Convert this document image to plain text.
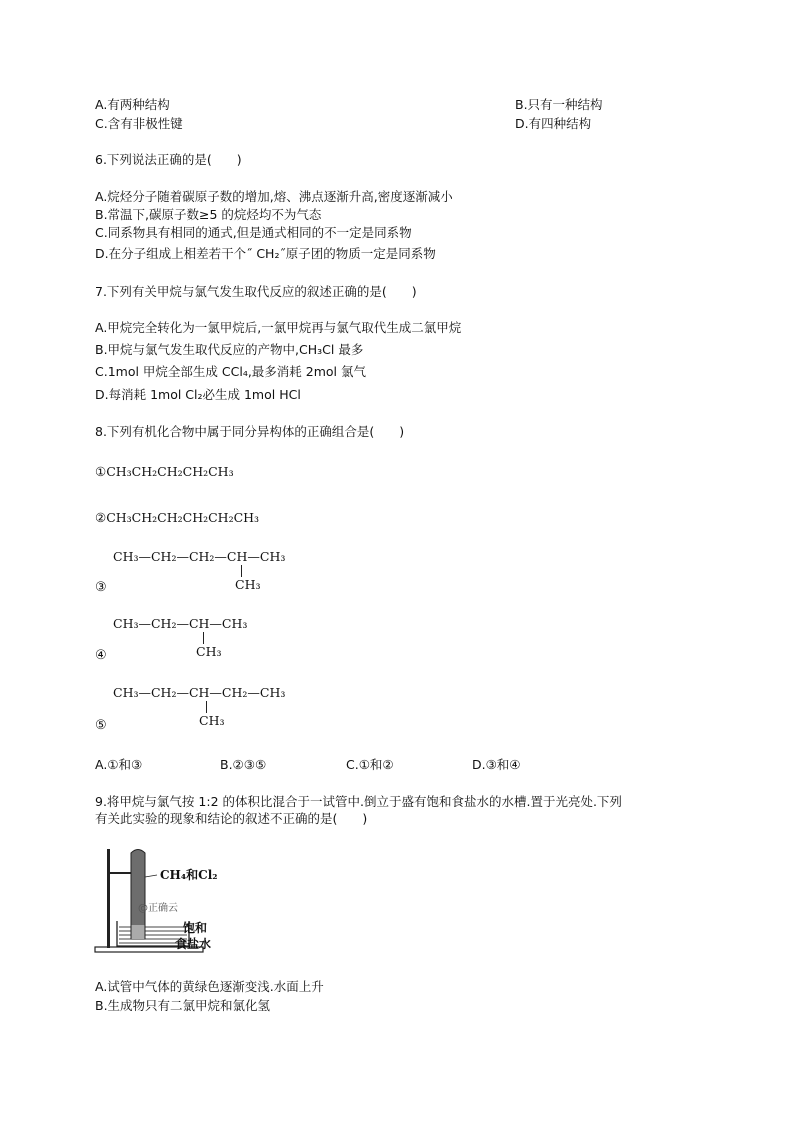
A.有两种结构	B.只有一种结构
C.含有非极性键	D.有四种结构
6.下列说法正确的是(　　)
A.烷烃分子随着碳原子数的增加,熔、沸点逐渐升高,密度逐渐减小
B.常温下,碳原子数≥5 的烷烃均不为气态
C.同系物具有相同的通式,但是通式相同的不一定是同系物
D.在分子组成上相差若干个˝ CH₂˝原子团的物质一定是同系物
7.下列有关甲烷与氯气发生取代反应的叙述正确的是(　　)
A.甲烷完全转化为一氯甲烷后,一氯甲烷再与氯气取代生成二氯甲烷
B.甲烷与氯气发生取代反应的产物中,CH₃Cl 最多
C.1mol 甲烷全部生成 CCl₄,最多消耗 2mol 氯气
D.每消耗 1mol Cl₂必生成 1mol HCl
8.下列有机化合物中属于同分异构体的正确组合是(　　)
①CH₃CH₂CH₂CH₂CH₃
②CH₃CH₂CH₂CH₂CH₂CH₃
CH₃—CH₂—CH₂—CH—CH₃
CH₃
③
CH₃—CH₂—CH—CH₃
CH₃
④
CH₃—CH₂—CH—CH₂—CH₃
CH₃
⑤
A.①和③	B.②③⑤	C.①和②	D.③和④
9.将甲烷与氯气按 1:2 的体积比混合于一试管中.倒立于盛有饱和食盐水的水槽.置于光亮处.下列
有关此实验的现象和结论的叙述不正确的是(　　)
CH₄和Cl₂
@正确云
饱和
食盐水
A.试管中气体的黄绿色逐渐变浅.水面上升
B.生成物只有二氯甲烷和氯化氢
